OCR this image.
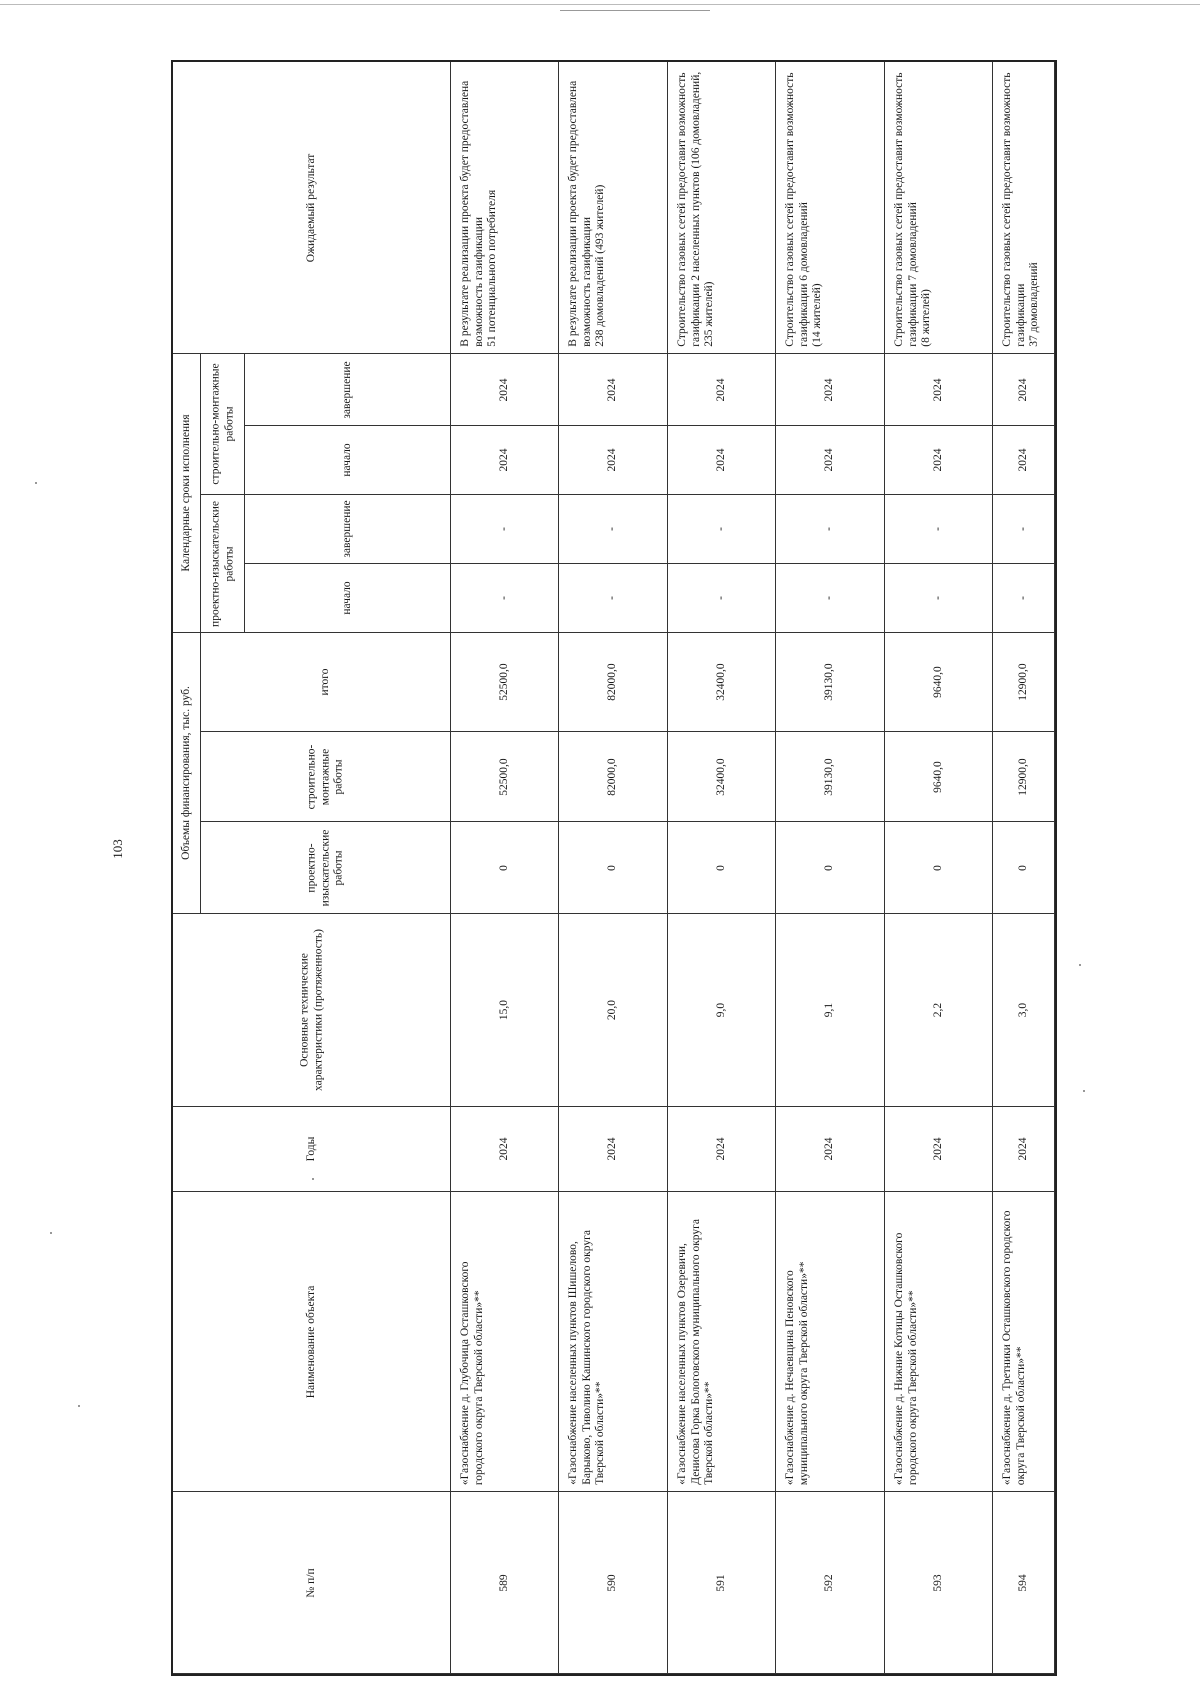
103
№ п/п
Наименование объекта
Годы
Основные технические характеристики (протяженность)
Объемы финансирования, тыс. руб.
проектно-изыскательские работы
строительно-монтажные работы
итого
Календарные сроки исполнения проектно-изыскательские работы
строительно-монтажные работы
начало
завершение
начало
завершение
Ожидаемый результат
589
«Газоснабжение д. Глубочица Осташковского городского округа Тверской области»**
2024
15,0
0
52500,0
52500,0
-
-
2024
2024
В результате реализации проекта будет предоставлена возможность газификации 51 потенциального потребителя
590
«Газоснабжение населенных пунктов Шишелово, Барыково, Тиволино Кашинского городского округа Тверской области»**
2024
20,0
0
82000,0
82000,0
-
-
2024
2024
В результате реализации проекта будет предоставлена возможность газификации 238 домовладений (493 жителей)
591
«Газоснабжение населенных пунктов Озеревичи, Денисова Горка Бологовского муниципального округа Тверской области»**
2024
9,0
0
32400,0
32400,0
-
-
2024
2024
Строительство газовых сетей предоставит возможность газификации 2 населенных пунктов (106 домовладений, 235 жителей)
592
«Газоснабжение д. Нечаевщина Пеновского муниципального округа Тверской области»**
2024
9,1
0
39130,0
39130,0
-
-
2024
2024
Строительство газовых сетей предоставит возможность газификации 6 домовладений (14 жителей)
593
«Газоснабжение д. Нижние Котицы Осташковского городского округа Тверской области»**
2024
2,2
0
9640,0
9640,0
-
-
2024
2024
Строительство газовых сетей предоставит возможность газификации 7 домовладений (8 жителей)
594
«Газоснабжение д. Третники Осташковского городского округа Тверской области»**
2024
3,0
0
12900,0
12900,0
-
-
2024
2024
Строительство газовых сетей предоставит возможность газификации 37 домовладений
